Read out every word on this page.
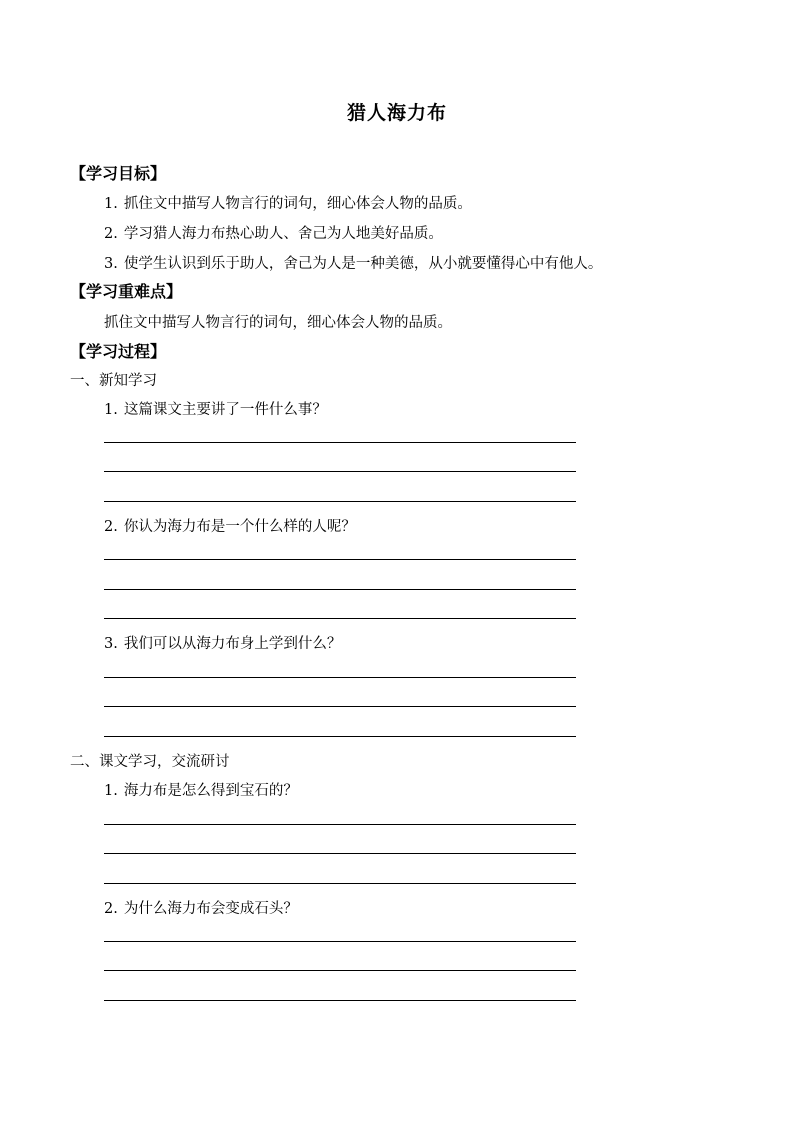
猎人海力布
【学习目标】
1. 抓住文中描写人物言行的词句，细心体会人物的品质。
2. 学习猎人海力布热心助人、舍己为人地美好品质。
3. 使学生认识到乐于助人，舍己为人是一种美德，从小就要懂得心中有他人。
【学习重难点】
抓住文中描写人物言行的词句，细心体会人物的品质。
【学习过程】
一、新知学习
1. 这篇课文主要讲了一件什么事？
2. 你认为海力布是一个什么样的人呢？
3. 我们可以从海力布身上学到什么？
二、课文学习，交流研讨
1. 海力布是怎么得到宝石的？
2. 为什么海力布会变成石头？
